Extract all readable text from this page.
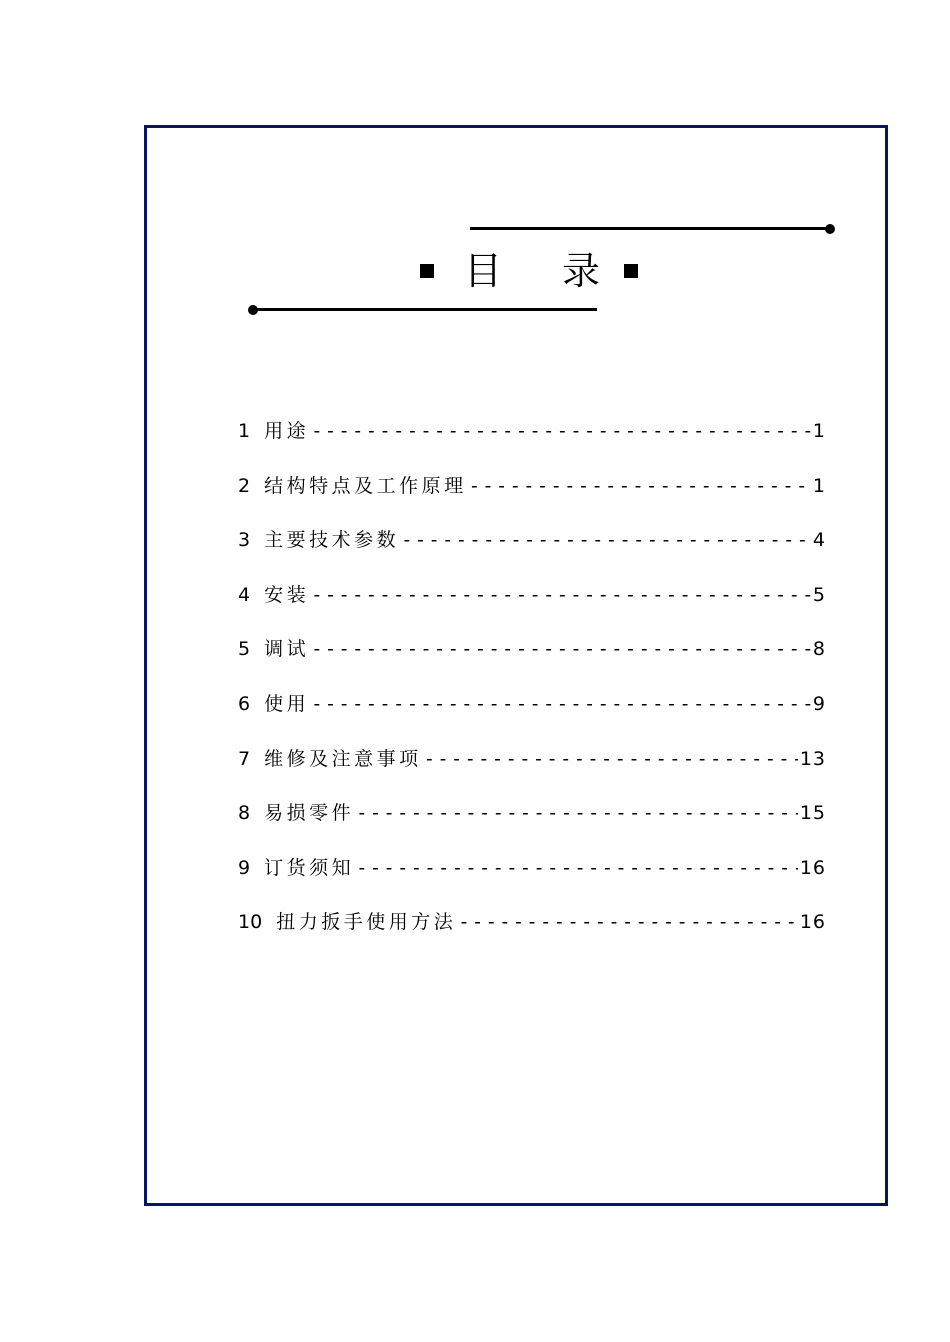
目 录
1 用途 -----	1
2 结构特点及工作原理 -----	1
3 主要技术参数 -----	4
4 安装 -----	5
5 调试 -----	8
6 使用 -----	9
7 维修及注意事项 -----	13
8 易损零件 -----	15
9 订货须知 -----	16
10 扭力扳手使用方法 -----	16
